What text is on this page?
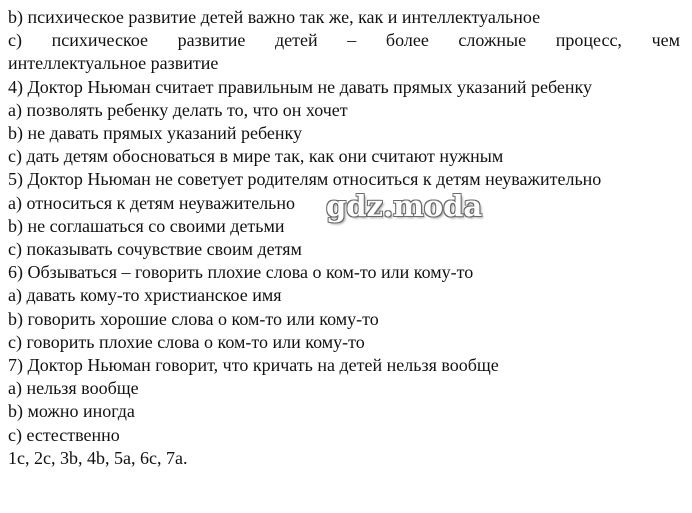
b) психическое развитие детей важно так же, как и интеллектуальное
c) психическое развитие детей – более сложные процесс, чем
интеллектуальное развитие
4) Доктор Ньюман считает правильным не давать прямых указаний ребенку
a) позволять ребенку делать то, что он хочет
b) не давать прямых указаний ребенку
c) дать детям обосноваться в мире так, как они считают нужным
5) Доктор Ньюман не советует родителям относиться к детям неуважительно
a) относиться к детям неуважительно
b) не соглашаться со своими детьми
c) показывать сочувствие своим детям
6) Обзываться – говорить плохие слова о ком-то или кому-то
a) давать кому-то христианское имя
b) говорить хорошие слова о ком-то или кому-то
c) говорить плохие слова о ком-то или кому-то
7) Доктор Ньюман говорит, что кричать на детей нельзя вообще
a) нельзя вообще
b) можно иногда
c) естественно
1c, 2c, 3b, 4b, 5a, 6c, 7a.
gdz.moda
